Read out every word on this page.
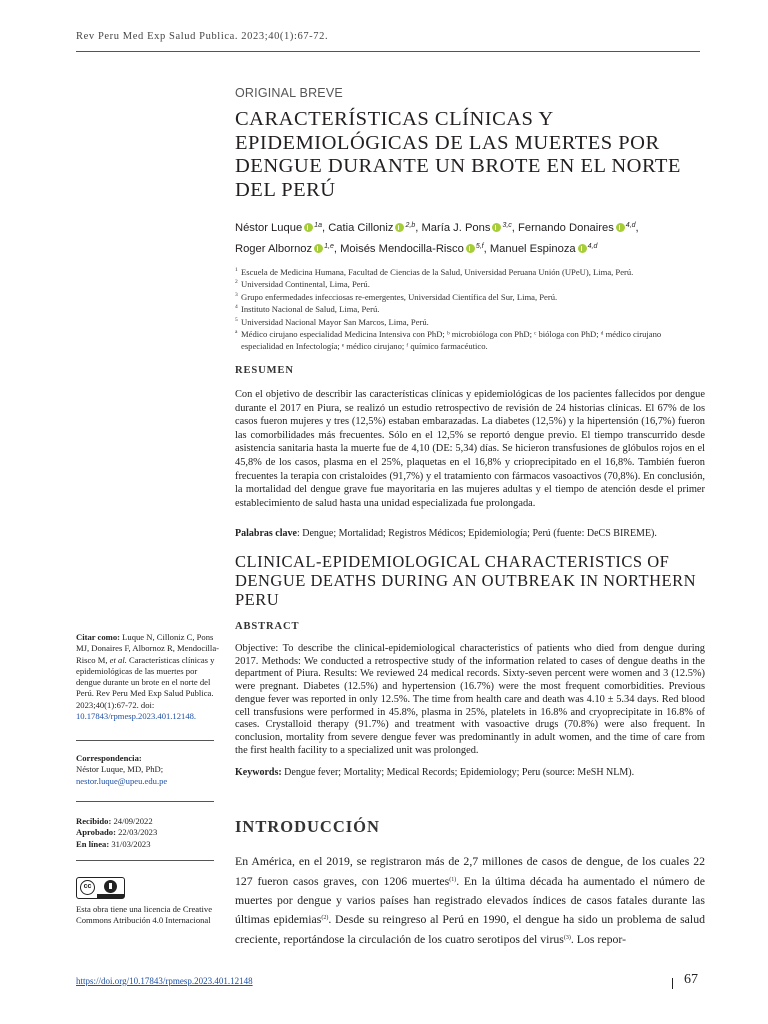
Rev Peru Med Exp Salud Publica. 2023;40(1):67-72.
ORIGINAL BREVE
CARACTERÍSTICAS CLÍNICAS Y EPIDEMIOLÓGICAS DE LAS MUERTES POR DENGUE DURANTE UN BROTE EN EL NORTE DEL PERÚ
Néstor Luque $^{1a}$, Catia Cilloniz $^{2,b}$, María J. Pons $^{3,c}$, Fernando Donaires $^{4,d}$,
Roger Albornoz $^{1,e}$, Moisés Mendocilla-Risco $^{5,f}$, Manuel Espinoza $^{4,d}$
1 Escuela de Medicina Humana, Facultad de Ciencias de la Salud, Universidad Peruana Unión (UPeU), Lima, Perú.
2 Universidad Continental, Lima, Perú.
3 Grupo enfermedades infecciosas re-emergentes, Universidad Científica del Sur, Lima, Perú.
4 Instituto Nacional de Salud, Lima, Perú.
5 Universidad Nacional Mayor San Marcos, Lima, Perú.
a Médico cirujano especialidad Medicina Intensiva con PhD; ᵇ microbióloga con PhD; ᶜ bióloga con PhD; ᵈ médico cirujano especialidad en Infectología; ᵉ médico cirujano; ᶠ químico farmacéutico.
RESUMEN

Con el objetivo de describir las características clínicas y epidemiológicas de los pacientes fallecidos por dengue durante el 2017 en Piura, se realizó un estudio retrospectivo de revisión de 24 historias clínicas. El 67% de los casos fueron mujeres y tres (12,5%) estaban embarazadas. La diabetes (12,5%) y la hipertensión (16,7%) fueron las comorbilidades más frecuentes. Sólo en el 12,5% se reportó dengue previo. El tiempo transcurrido desde asistencia sanitaria hasta la muerte fue de 4,10 (DE: 5,34) días. Se hicieron transfusiones de glóbulos rojos en el 45,8% de los casos, plasma en el 25%, plaquetas en el 16,8% y crioprecipitado en el 16,8%. También fueron frecuentes la terapia con cristaloides (91,7%) y el tratamiento con fármacos vasoactivos (70,8%). En conclusión, la mortalidad del dengue grave fue mayoritaria en las mujeres adultas y el tiempo de atención desde el primer establecimiento de salud hasta una unidad especializada fue prolongada.

Palabras clave: Dengue; Mortalidad; Registros Médicos; Epidemiología; Perú (fuente: DeCS BIREME).
CLINICAL-EPIDEMIOLOGICAL CHARACTERISTICS OF DENGUE DEATHS DURING AN OUTBREAK IN NORTHERN PERU
ABSTRACT

Objective: To describe the clinical-epidemiological characteristics of patients who died from dengue during 2017. Methods: We conducted a retrospective study of the information related to cases of dengue deaths in the department of Piura. Results: We reviewed 24 medical records. Sixty-seven percent were women and 3 (12.5%) were pregnant. Diabetes (12.5%) and hypertension (16.7%) were the most frequent comorbidities. Previous dengue fever was reported in only 12.5%. The time from health care and death was 4.10 ± 5.34 days. Red blood cell transfusions were performed in 45.8%, plasma in 25%, platelets in 16.8% and cryoprecipitate in 16.8% of cases. Crystalloid therapy (91.7%) and treatment with vasoactive drugs (70.8%) were also frequent. In conclusion, mortality from severe dengue fever was predominantly in adult women, and the time of care from the first health facility to a specialized unit was prolonged.

Keywords: Dengue fever; Mortality; Medical Records; Epidemiology; Peru (source: MeSH NLM).
INTRODUCCIÓN

En América, en el 2019, se registraron más de 2,7 millones de casos de dengue, de los cuales 22 127 fueron casos graves, con 1206 muertes$^{(1)}$. En la última década ha aumentado el número de muertes por dengue y varios países han registrado elevados índices de casos fatales durante las últimas epidemias$^{(2)}$. Desde su reingreso al Perú en 1990, el dengue ha sido un problema de salud creciente, reportándose la circulación de los cuatro serotipos del virus$^{(3)}$. Los repor-

Citar como: Luque N, Cilloniz C, Pons MJ, Donaires F, Albornoz R, Mendocilla-Risco M, et al. Características clínicas y epidemiológicas de las muertes por dengue durante un brote en el norte del Perú. Rev Peru Med Exp Salud Publica. 2023;40(1):67-72. doi: 10.17843/rpmesp.2023.401.12148.
Correspondencia:
Néstor Luque, MD, PhD;
nestor.luque@upeu.edu.pe
Recibido: 24/09/2022
Aprobado: 22/03/2023
En línea: 31/03/2023
cc
Esta obra tiene una licencia de Creative Commons Atribución 4.0 Internacional
https://doi.org/10.17843/rpmesp.2023.401.12148	67
